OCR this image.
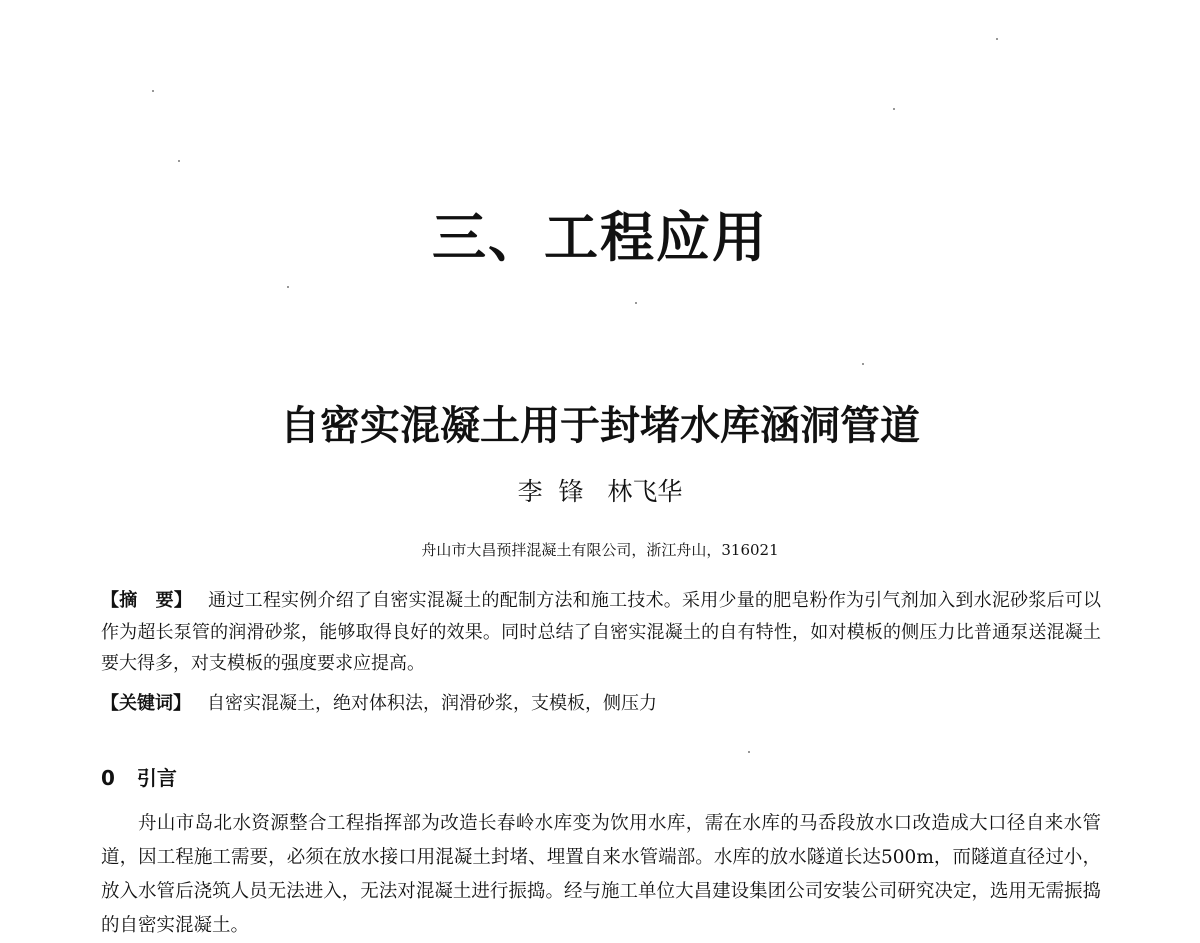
三、工程应用
自密实混凝土用于封堵水库涵洞管道
李  锋   林飞华
舟山市大昌预拌混凝土有限公司，浙江舟山，316021

【摘　要】 通过工程实例介绍了自密实混凝土的配制方法和施工技术。采用少量的肥皂粉作为引气剂加入到水泥砂浆后可以作为超长泵管的润滑砂浆，能够取得良好的效果。同时总结了自密实混凝土的自有特性，如对模板的侧压力比普通泵送混凝土要大得多，对支模板的强度要求应提高。

【关键词】 自密实混凝土，绝对体积法，润滑砂浆，支模板，侧压力

0 引言

舟山市岛北水资源整合工程指挥部为改造长春岭水库变为饮用水库，需在水库的马岙段放水口改造成大口径自来水管道，因工程施工需要，必须在放水接口用混凝土封堵、埋置自来水管端部。水库的放水隧道长达500m，而隧道直径过小，放入水管后浇筑人员无法进入，无法对混凝土进行振捣。经与施工单位大昌建设集团公司安装公司研究决定，选用无需振捣的自密实混凝土。
